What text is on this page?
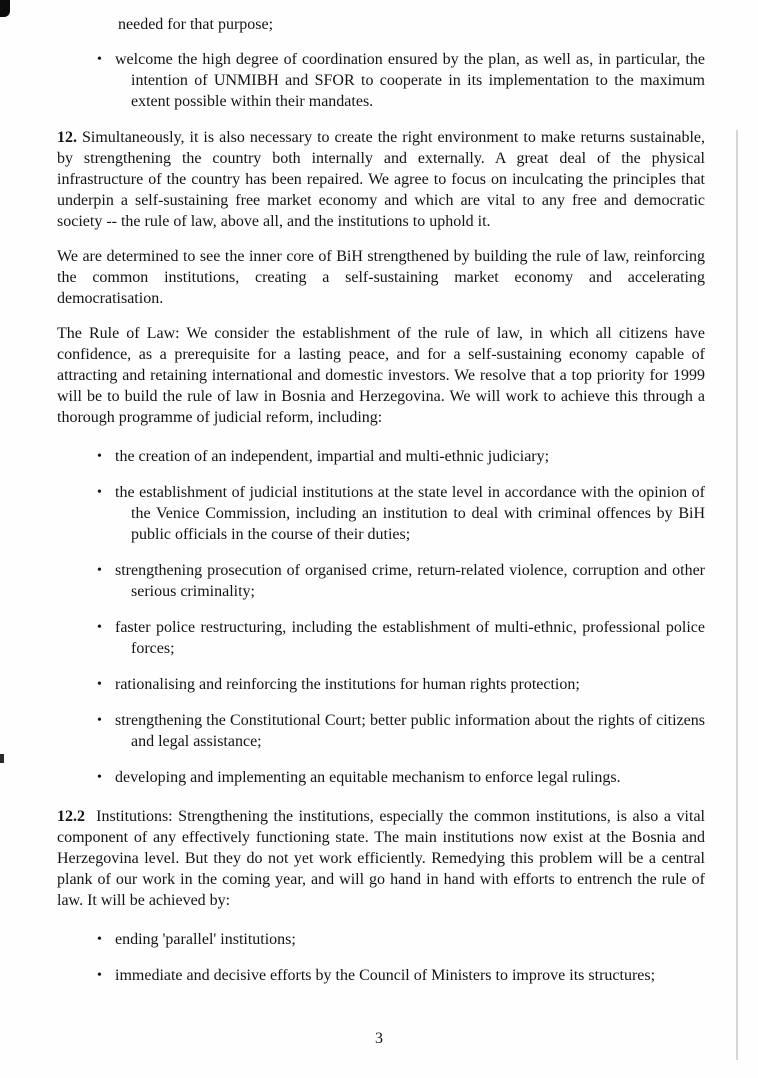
needed for that purpose;
• welcome the high degree of coordination ensured by the plan, as well as, in particular, the intention of UNMIBH and SFOR to cooperate in its implementation to the maximum extent possible within their mandates.

12. Simultaneously, it is also necessary to create the right environment to make returns sustainable, by strengthening the country both internally and externally. A great deal of the physical infrastructure of the country has been repaired. We agree to focus on inculcating the principles that underpin a self-sustaining free market economy and which are vital to any free and democratic society -- the rule of law, above all, and the institutions to uphold it.

We are determined to see the inner core of BiH strengthened by building the rule of law, reinforcing the common institutions, creating a self-sustaining market economy and accelerating democratisation.

The Rule of Law: We consider the establishment of the rule of law, in which all citizens have confidence, as a prerequisite for a lasting peace, and for a self-sustaining economy capable of attracting and retaining international and domestic investors. We resolve that a top priority for 1999 will be to build the rule of law in Bosnia and Herzegovina. We will work to achieve this through a thorough programme of judicial reform, including:

• the creation of an independent, impartial and multi-ethnic judiciary;
• the establishment of judicial institutions at the state level in accordance with the opinion of the Venice Commission, including an institution to deal with criminal offences by BiH public officials in the course of their duties;
• strengthening prosecution of organised crime, return-related violence, corruption and other serious criminality;
• faster police restructuring, including the establishment of multi-ethnic, professional police forces;
• rationalising and reinforcing the institutions for human rights protection;
• strengthening the Constitutional Court; better public information about the rights of citizens and legal assistance;
• developing and implementing an equitable mechanism to enforce legal rulings.

12.2 Institutions: Strengthening the institutions, especially the common institutions, is also a vital component of any effectively functioning state. The main institutions now exist at the Bosnia and Herzegovina level. But they do not yet work efficiently. Remedying this problem will be a central plank of our work in the coming year, and will go hand in hand with efforts to entrench the rule of law. It will be achieved by:

• ending 'parallel' institutions;
• immediate and decisive efforts by the Council of Ministers to improve its structures;
3
